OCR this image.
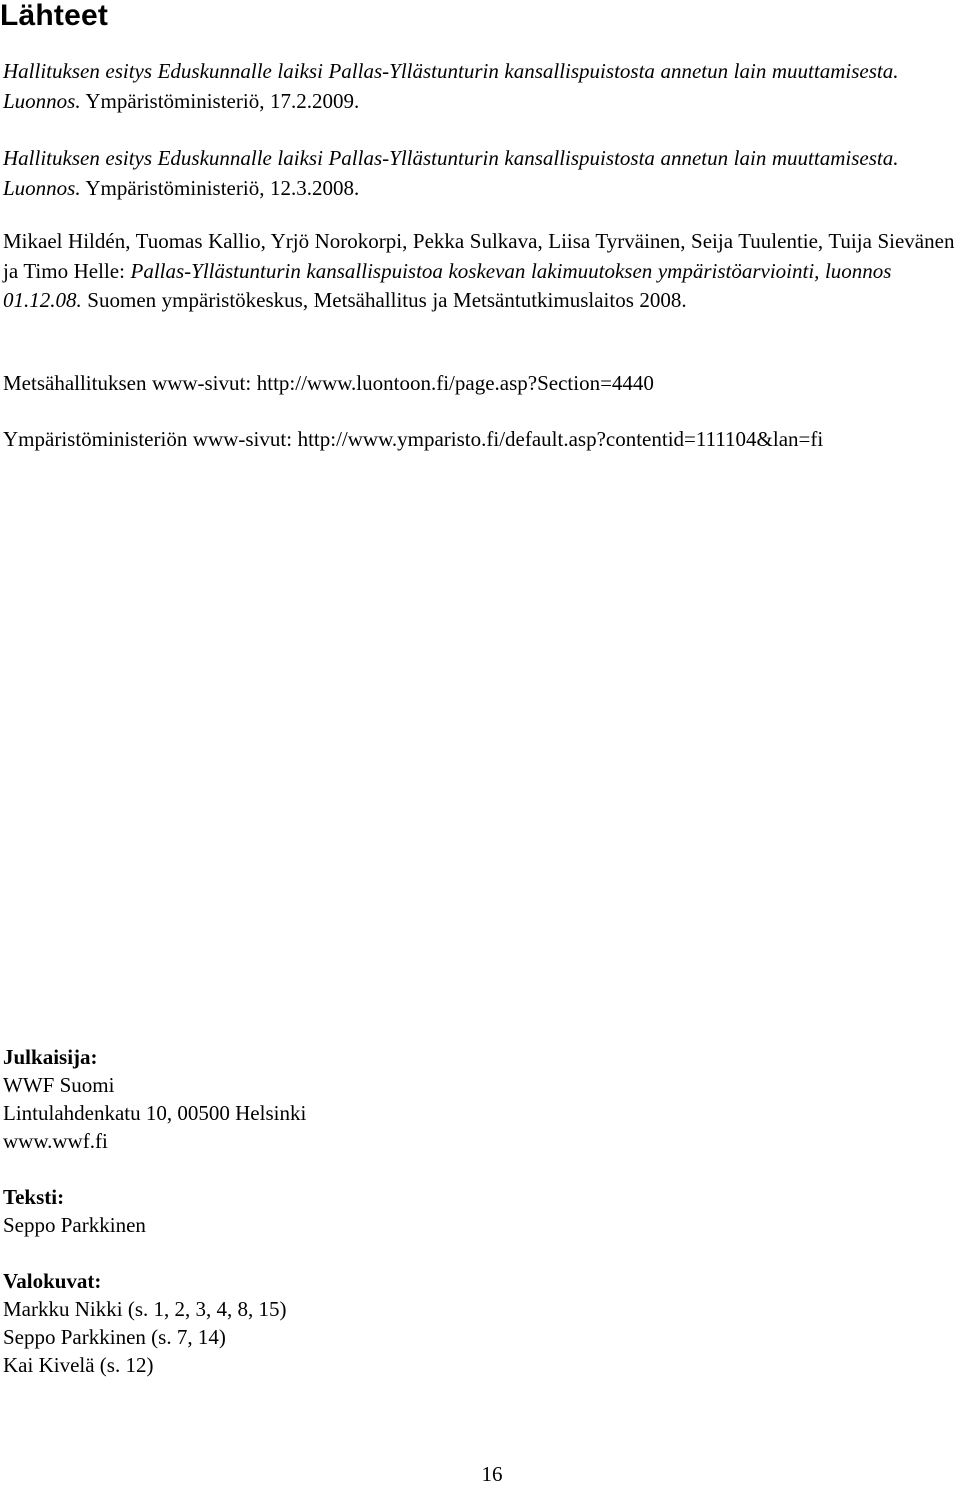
Lähteet

Hallituksen esitys Eduskunnalle laiksi Pallas-Yllästunturin kansallispuistosta annetun lain muuttamisesta. Luonnos. Ympäristöministeriö, 17.2.2009.

Hallituksen esitys Eduskunnalle laiksi Pallas-Yllästunturin kansallispuistosta annetun lain muuttamisesta. Luonnos. Ympäristöministeriö, 12.3.2008.

Mikael Hildén, Tuomas Kallio, Yrjö Norokorpi, Pekka Sulkava, Liisa Tyrväinen, Seija Tuulentie, Tuija Sievänen ja Timo Helle: Pallas-Yllästunturin kansallispuistoa koskevan lakimuutoksen ympäristöarviointi, luonnos 01.12.08. Suomen ympäristökeskus, Metsähallitus ja Metsäntutkimuslaitos 2008.

Metsähallituksen www-sivut: http://www.luontoon.fi/page.asp?Section=4440

Ympäristöministeriön www-sivut: http://www.ymparisto.fi/default.asp?contentid=111104&lan=fi

Julkaisija:
WWF Suomi
Lintulahdenkatu 10, 00500 Helsinki
www.wwf.fi
Teksti:
Seppo Parkkinen
Valokuvat:
Markku Nikki (s. 1, 2, 3, 4, 8, 15)
Seppo Parkkinen (s. 7, 14)
Kai Kivelä (s. 12)
16
